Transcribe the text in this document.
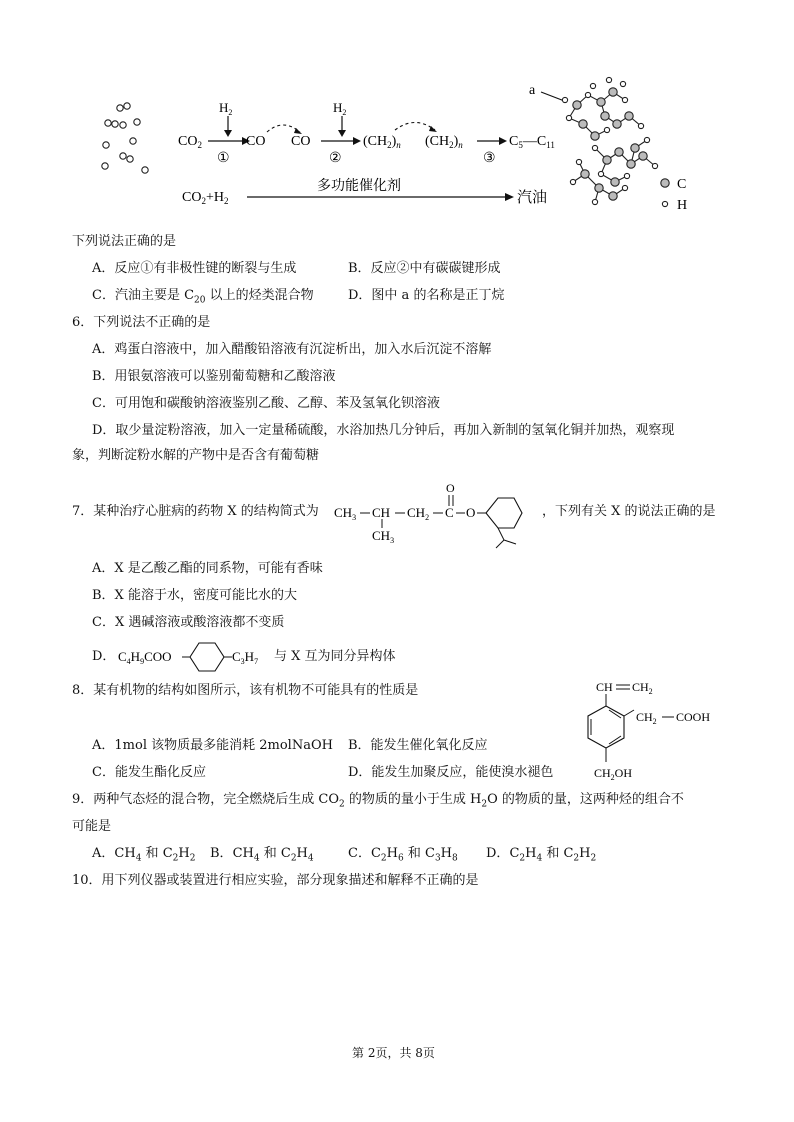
$CO_2$
$H_2$
①
CO CO
$H_2$
②
$(CH_2)_n$ $(CH_2)_n$
③
$C_5—C_{11}$
$CO_2+H_2$
多功能催化剂
汽油
a
C
H
下列说法正确的是
A．反应①有非极性键的断裂与生成	B．反应②中有碳碳键形成
C．汽油主要是 $C_{20}$ 以上的烃类混合物	D．图中 a 的名称是正丁烷
6．下列说法不正确的是
A．鸡蛋白溶液中，加入醋酸铅溶液有沉淀析出，加入水后沉淀不溶解
B．用银氨溶液可以鉴别葡萄糖和乙酸溶液
C．可用饱和碳酸钠溶液鉴别乙酸、乙醇、苯及氢氧化钡溶液
D．取少量淀粉溶液，加入一定量稀硫酸，水浴加热几分钟后，再加入新制的氢氧化铜并加热，观察现
象，判断淀粉水解的产物中是否含有葡萄糖
7．某种治疗心脏病的药物 X 的结构简式为 $CH_3$ CH
$CH_3$
$CH_2$ C
O
O	，下列有关 X 的说法正确的是
A．X 是乙酸乙酯的同系物，可能有香味
B．X 能溶于水，密度可能比水的大
C．X 遇碱溶液或酸溶液都不变质
D． $C_4H_9COO$	$C_3H_7$ 与 X 互为同分异构体
8．某有机物的结构如图所示，该有机物不可能具有的性质是
A．1mol 该物质最多能消耗 2molNaOH B．能发生催化氧化反应
C．能发生酯化反应	D．能发生加聚反应，能使溴水褪色
CH $CH_2$
$CH_2$ COOH
$CH_2OH$
9．两种气态烃的混合物，完全燃烧后生成 $CO_2$ 的物质的量小于生成 $H_2O$ 的物质的量，这两种烃的组合不
可能是
A．$CH_4$ 和 $C_2H_2$ B．$CH_4$ 和 $C_2H_4$	C．$C_2H_6$ 和 $C_3H_8$ D．$C_2H_4$ 和 $C_2H_2$
10．用下列仪器或装置进行相应实验，部分现象描述和解释不正确的是
第 2页，共 8页
